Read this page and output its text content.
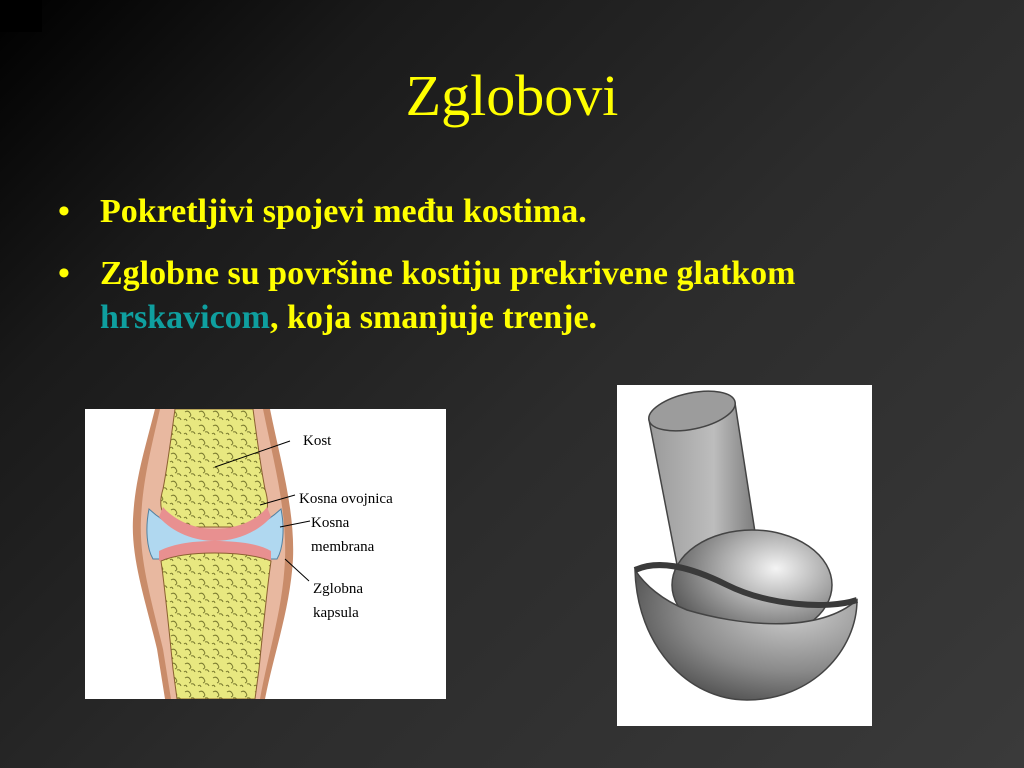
Zglobovi
• Pokretljivi spojevi među kostima.
• Zglobne su površine kostiju prekrivene glatkom hrskavicom, koja smanjuje trenje.
Kost
Kosna ovojnica
Kosna
membrana
Zglobna
kapsula
